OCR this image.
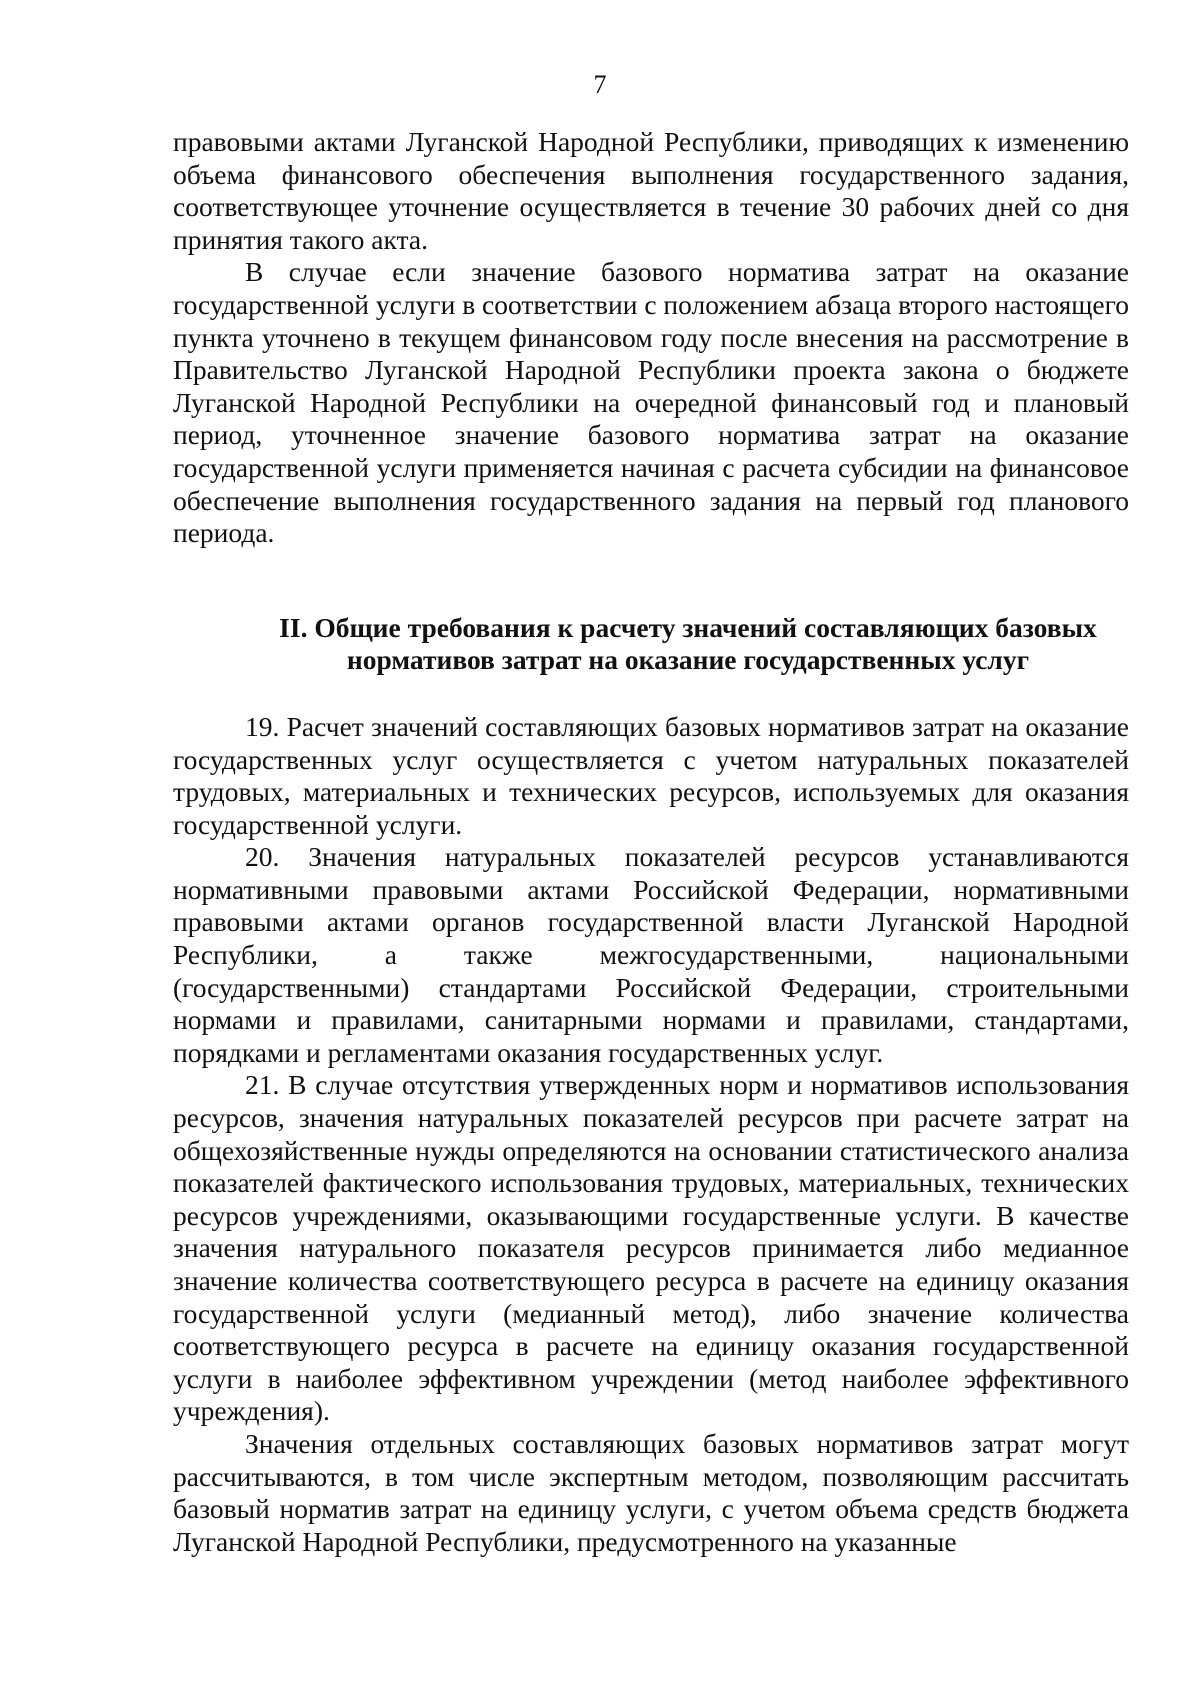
7

правовыми актами Луганской Народной Республики, приводящих к изменению объема финансового обеспечения выполнения государственного задания, соответствующее уточнение осуществляется в течение 30 рабочих дней со дня принятия такого акта.

В случае если значение базового норматива затрат на оказание государственной услуги в соответствии с положением абзаца второго настоящего пункта уточнено в текущем финансовом году после внесения на рассмотрение в Правительство Луганской Народной Республики проекта закона о бюджете Луганской Народной Республики на очередной финансовый год и плановый период, уточненное значение базового норматива затрат на оказание государственной услуги применяется начиная с расчета субсидии на финансовое обеспечение выполнения государственного задания на первый год планового периода.

II. Общие требования к расчету значений составляющих базовых
нормативов затрат на оказание государственных услуг

19. Расчет значений составляющих базовых нормативов затрат на оказание государственных услуг осуществляется с учетом натуральных показателей трудовых, материальных и технических ресурсов, используемых для оказания государственной услуги.

20. Значения натуральных показателей ресурсов устанавливаются нормативными правовыми актами Российской Федерации, нормативными правовыми актами органов государственной власти Луганской Народной Республики, а также межгосударственными, национальными (государственными) стандартами Российской Федерации, строительными нормами и правилами, санитарными нормами и правилами, стандартами, порядками и регламентами оказания государственных услуг.

21. В случае отсутствия утвержденных норм и нормативов использования ресурсов, значения натуральных показателей ресурсов при расчете затрат на общехозяйственные нужды определяются на основании статистического анализа показателей фактического использования трудовых, материальных, технических ресурсов учреждениями, оказывающими государственные услуги. В качестве значения натурального показателя ресурсов принимается либо медианное значение количества соответствующего ресурса в расчете на единицу оказания государственной услуги (медианный метод), либо значение количества соответствующего ресурса в расчете на единицу оказания государственной услуги в наиболее эффективном учреждении (метод наиболее эффективного учреждения).

Значения отдельных составляющих базовых нормативов затрат могут рассчитываются, в том числе экспертным методом, позволяющим рассчитать базовый норматив затрат на единицу услуги, с учетом объема средств бюджета Луганской Народной Республики, предусмотренного на указанные
